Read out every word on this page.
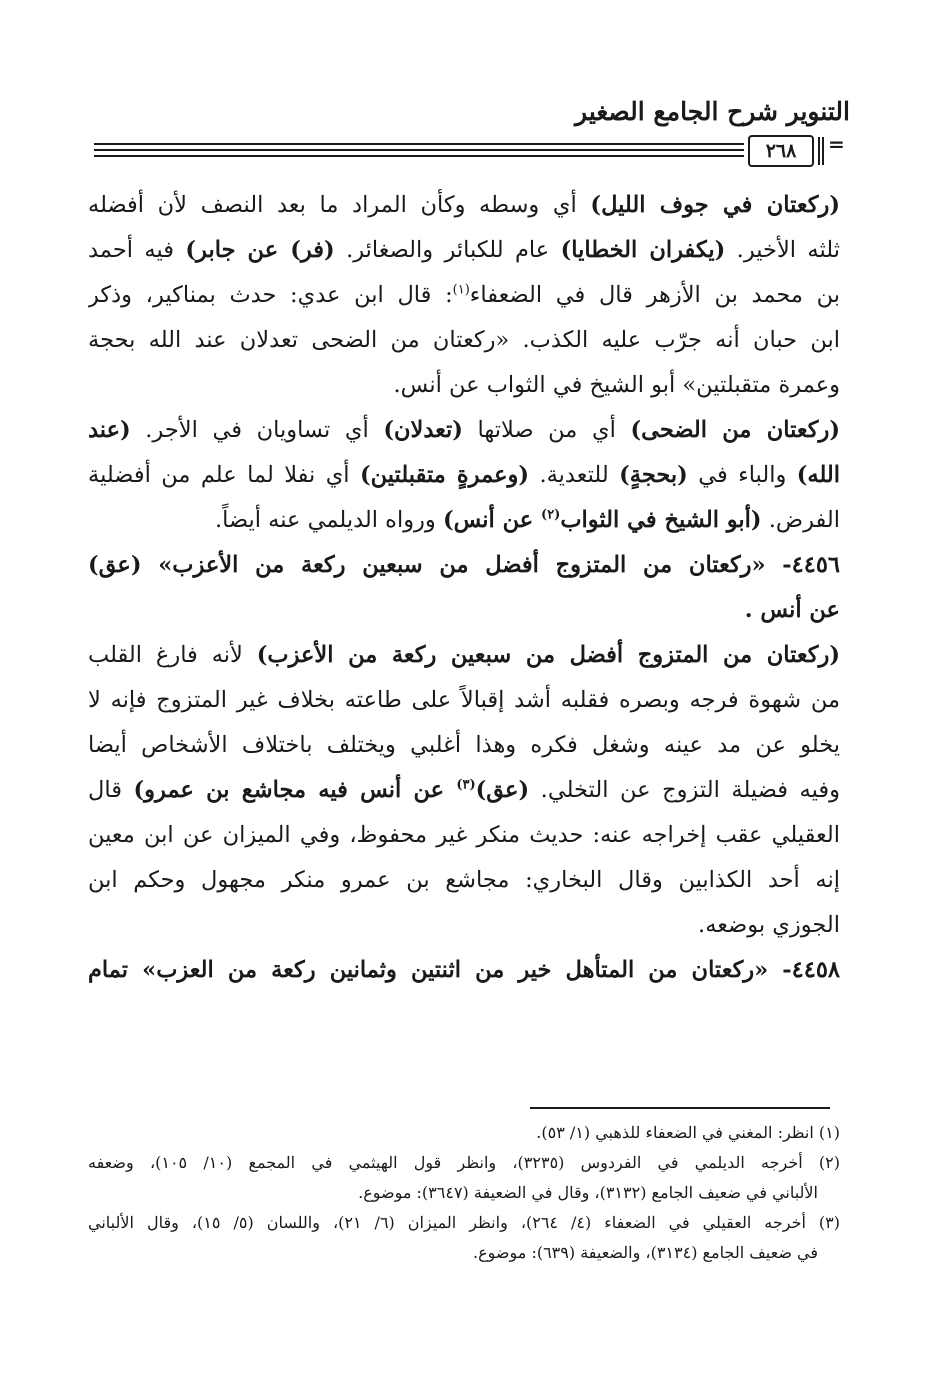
التنوير شرح الجامع الصغير
٢٦٨	=
(ركعتان في جوف الليل) أي وسطه وكأن المراد ما بعد النصف لأن أفضله
ثلثه الأخير. (يكفران الخطايا) عام للكبائر والصغائر. (فر) عن جابر) فيه أحمد
بن محمد بن الأزهر قال في الضعفاء$^{(١)}$: قال ابن عدي: حدث بمناكير، وذكر
ابن حبان أنه جرّب عليه الكذب. «ركعتان من الضحى تعدلان عند الله بحجة
وعمرة متقبلتين» أبو الشيخ في الثواب عن أنس.
(ركعتان من الضحى) أي من صلاتها (تعدلان) أي تساويان في الأجر. (عند
الله) والباء في (بحجةٍ) للتعدية. (وعمرةٍ متقبلتين) أي نفلا لما علم من أفضلية
الفرض. (أبو الشيخ في الثواب$^{(٢)}$ عن أنس) ورواه الديلمي عنه أيضاً.
٤٤٥٦- «ركعتان من المتزوج أفضل من سبعين ركعة من الأعزب» (عق)
عن أنس .
(ركعتان من المتزوج أفضل من سبعين ركعة من الأعزب) لأنه فارغ القلب
من شهوة فرجه وبصره فقلبه أشد إقبالاً على طاعته بخلاف غير المتزوج فإنه لا
يخلو عن مد عينه وشغل فكره وهذا أغلبي ويختلف باختلاف الأشخاص أيضا
وفيه فضيلة التزوج عن التخلي. (عق)$^{(٣)}$ عن أنس فيه مجاشع بن عمرو) قال
العقيلي عقب إخراجه عنه: حديث منكر غير محفوظ، وفي الميزان عن ابن معين
إنه أحد الكذابين وقال البخاري: مجاشع بن عمرو منكر مجهول وحكم ابن
الجوزي بوضعه.
٤٤٥٨- «ركعتان من المتأهل خير من اثنتين وثمانين ركعة من العزب» تمام
(١) انظر: المغني في الضعفاء للذهبي (١/ ٥٣).
(٢) أخرجه الديلمي في الفردوس (٣٢٣٥)، وانظر قول الهيثمي في المجمع (١٠/ ١٠٥)، وضعفه
الألباني في ضعيف الجامع (٣١٣٢)، وقال في الضعيفة (٣٦٤٧): موضوع.
(٣) أخرجه العقيلي في الضعفاء (٤/ ٢٦٤)، وانظر الميزان (٦/ ٢١)، واللسان (٥/ ١٥)، وقال الألباني
في ضعيف الجامع (٣١٣٤)، والضعيفة (٦٣٩): موضوع.
